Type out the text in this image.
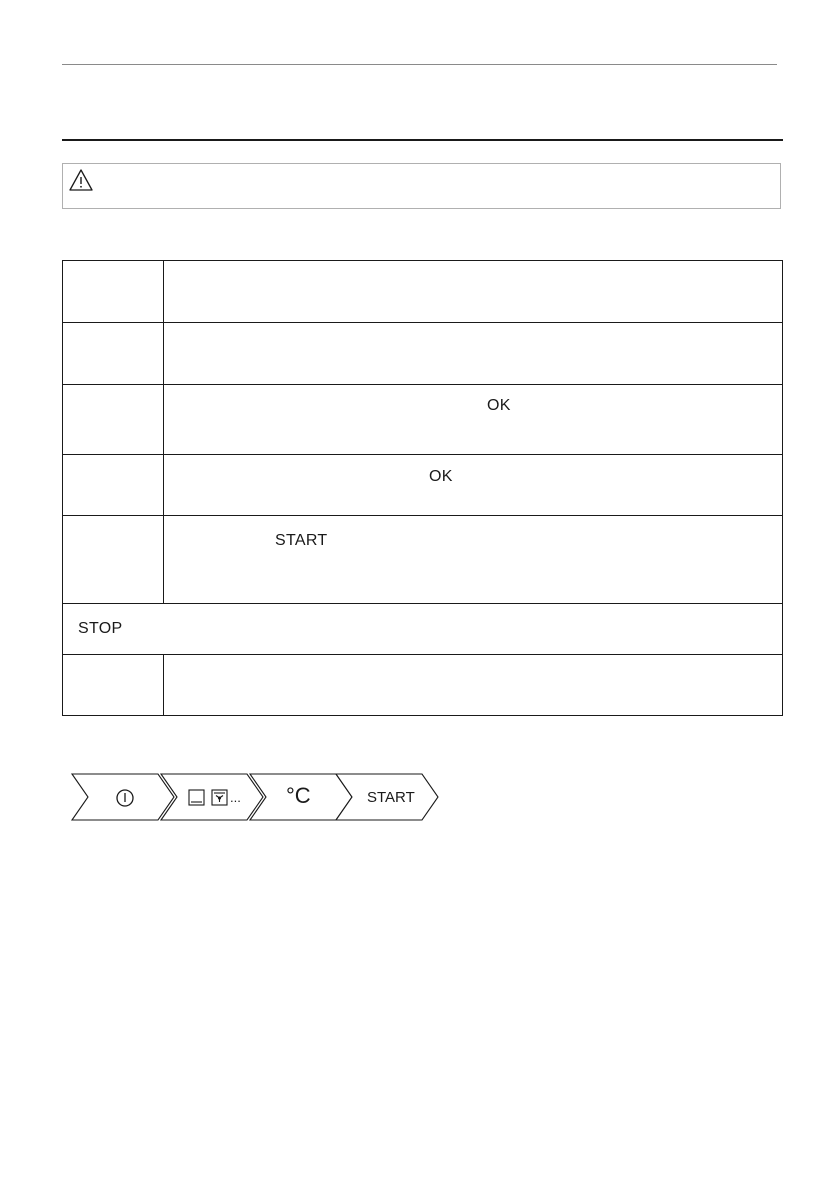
	OK

	OK

	START

STOP	

... °C	START
